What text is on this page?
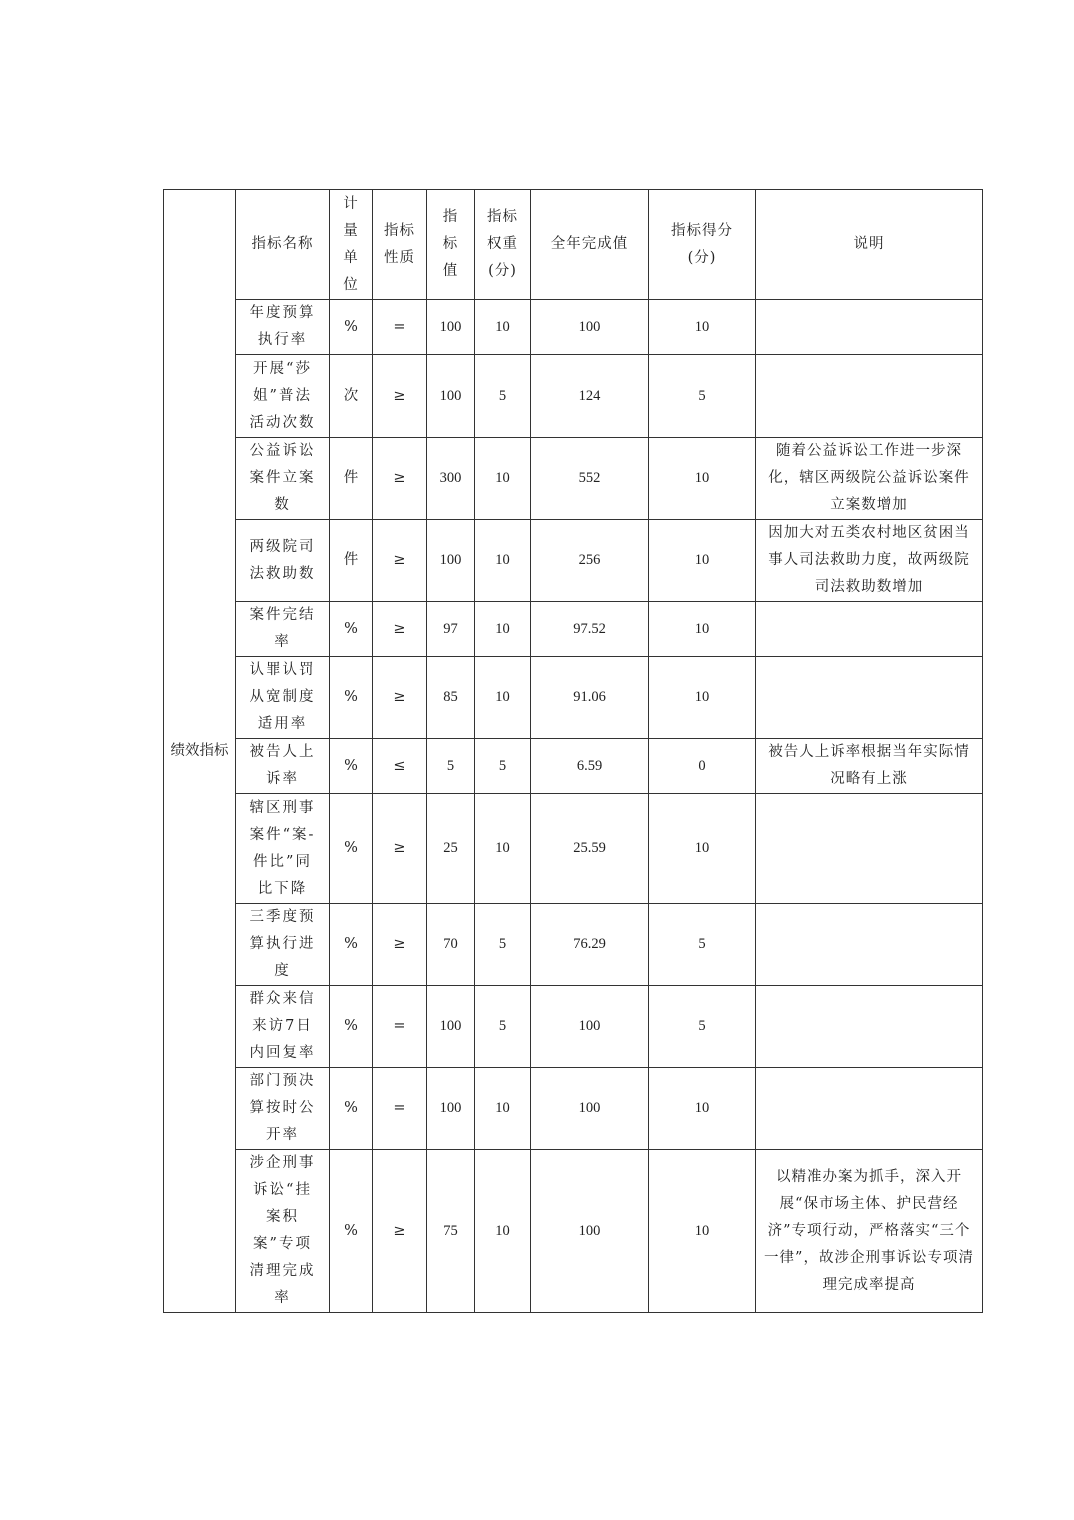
绩效指标	指标名称	计量单位	指标性质	指标值	指标权重(分)	全年完成值	指标得分(分)	说明
	年度预算执行率	%	=	100	10	100	10	
	开展“莎姐”普法活动次数	次	≥	100	5	124	5	
	公益诉讼案件立案数	件	≥	300	10	552	10	随着公益诉讼工作进一步深化，辖区两级院公益诉讼案件立案数增加
	两级院司法救助数	件	≥	100	10	256	10	因加大对五类农村地区贫困当事人司法救助力度，故两级院司法救助数增加
	案件完结率	%	≥	97	10	97.52	10	
	认罪认罚从宽制度适用率	%	≥	85	10	91.06	10	
	被告人上诉率	%	≤	5	5	6.59	0	被告人上诉率根据当年实际情况略有上涨
	辖区刑事案件“案-件比”同比下降	%	≥	25	10	25.59	10	
	三季度预算执行进度	%	≥	70	5	76.29	5	
	群众来信来访7日内回复率	%	=	100	5	100	5	
	部门预决算按时公开率	%	=	100	10	100	10	
	涉企刑事诉讼“挂案积案”专项清理完成率	%	≥	75	10	100	10	以精准办案为抓手，深入开展“保市场主体、护民营经济”专项行动，严格落实“三个一律”，故涉企刑事诉讼专项清理完成率提高
